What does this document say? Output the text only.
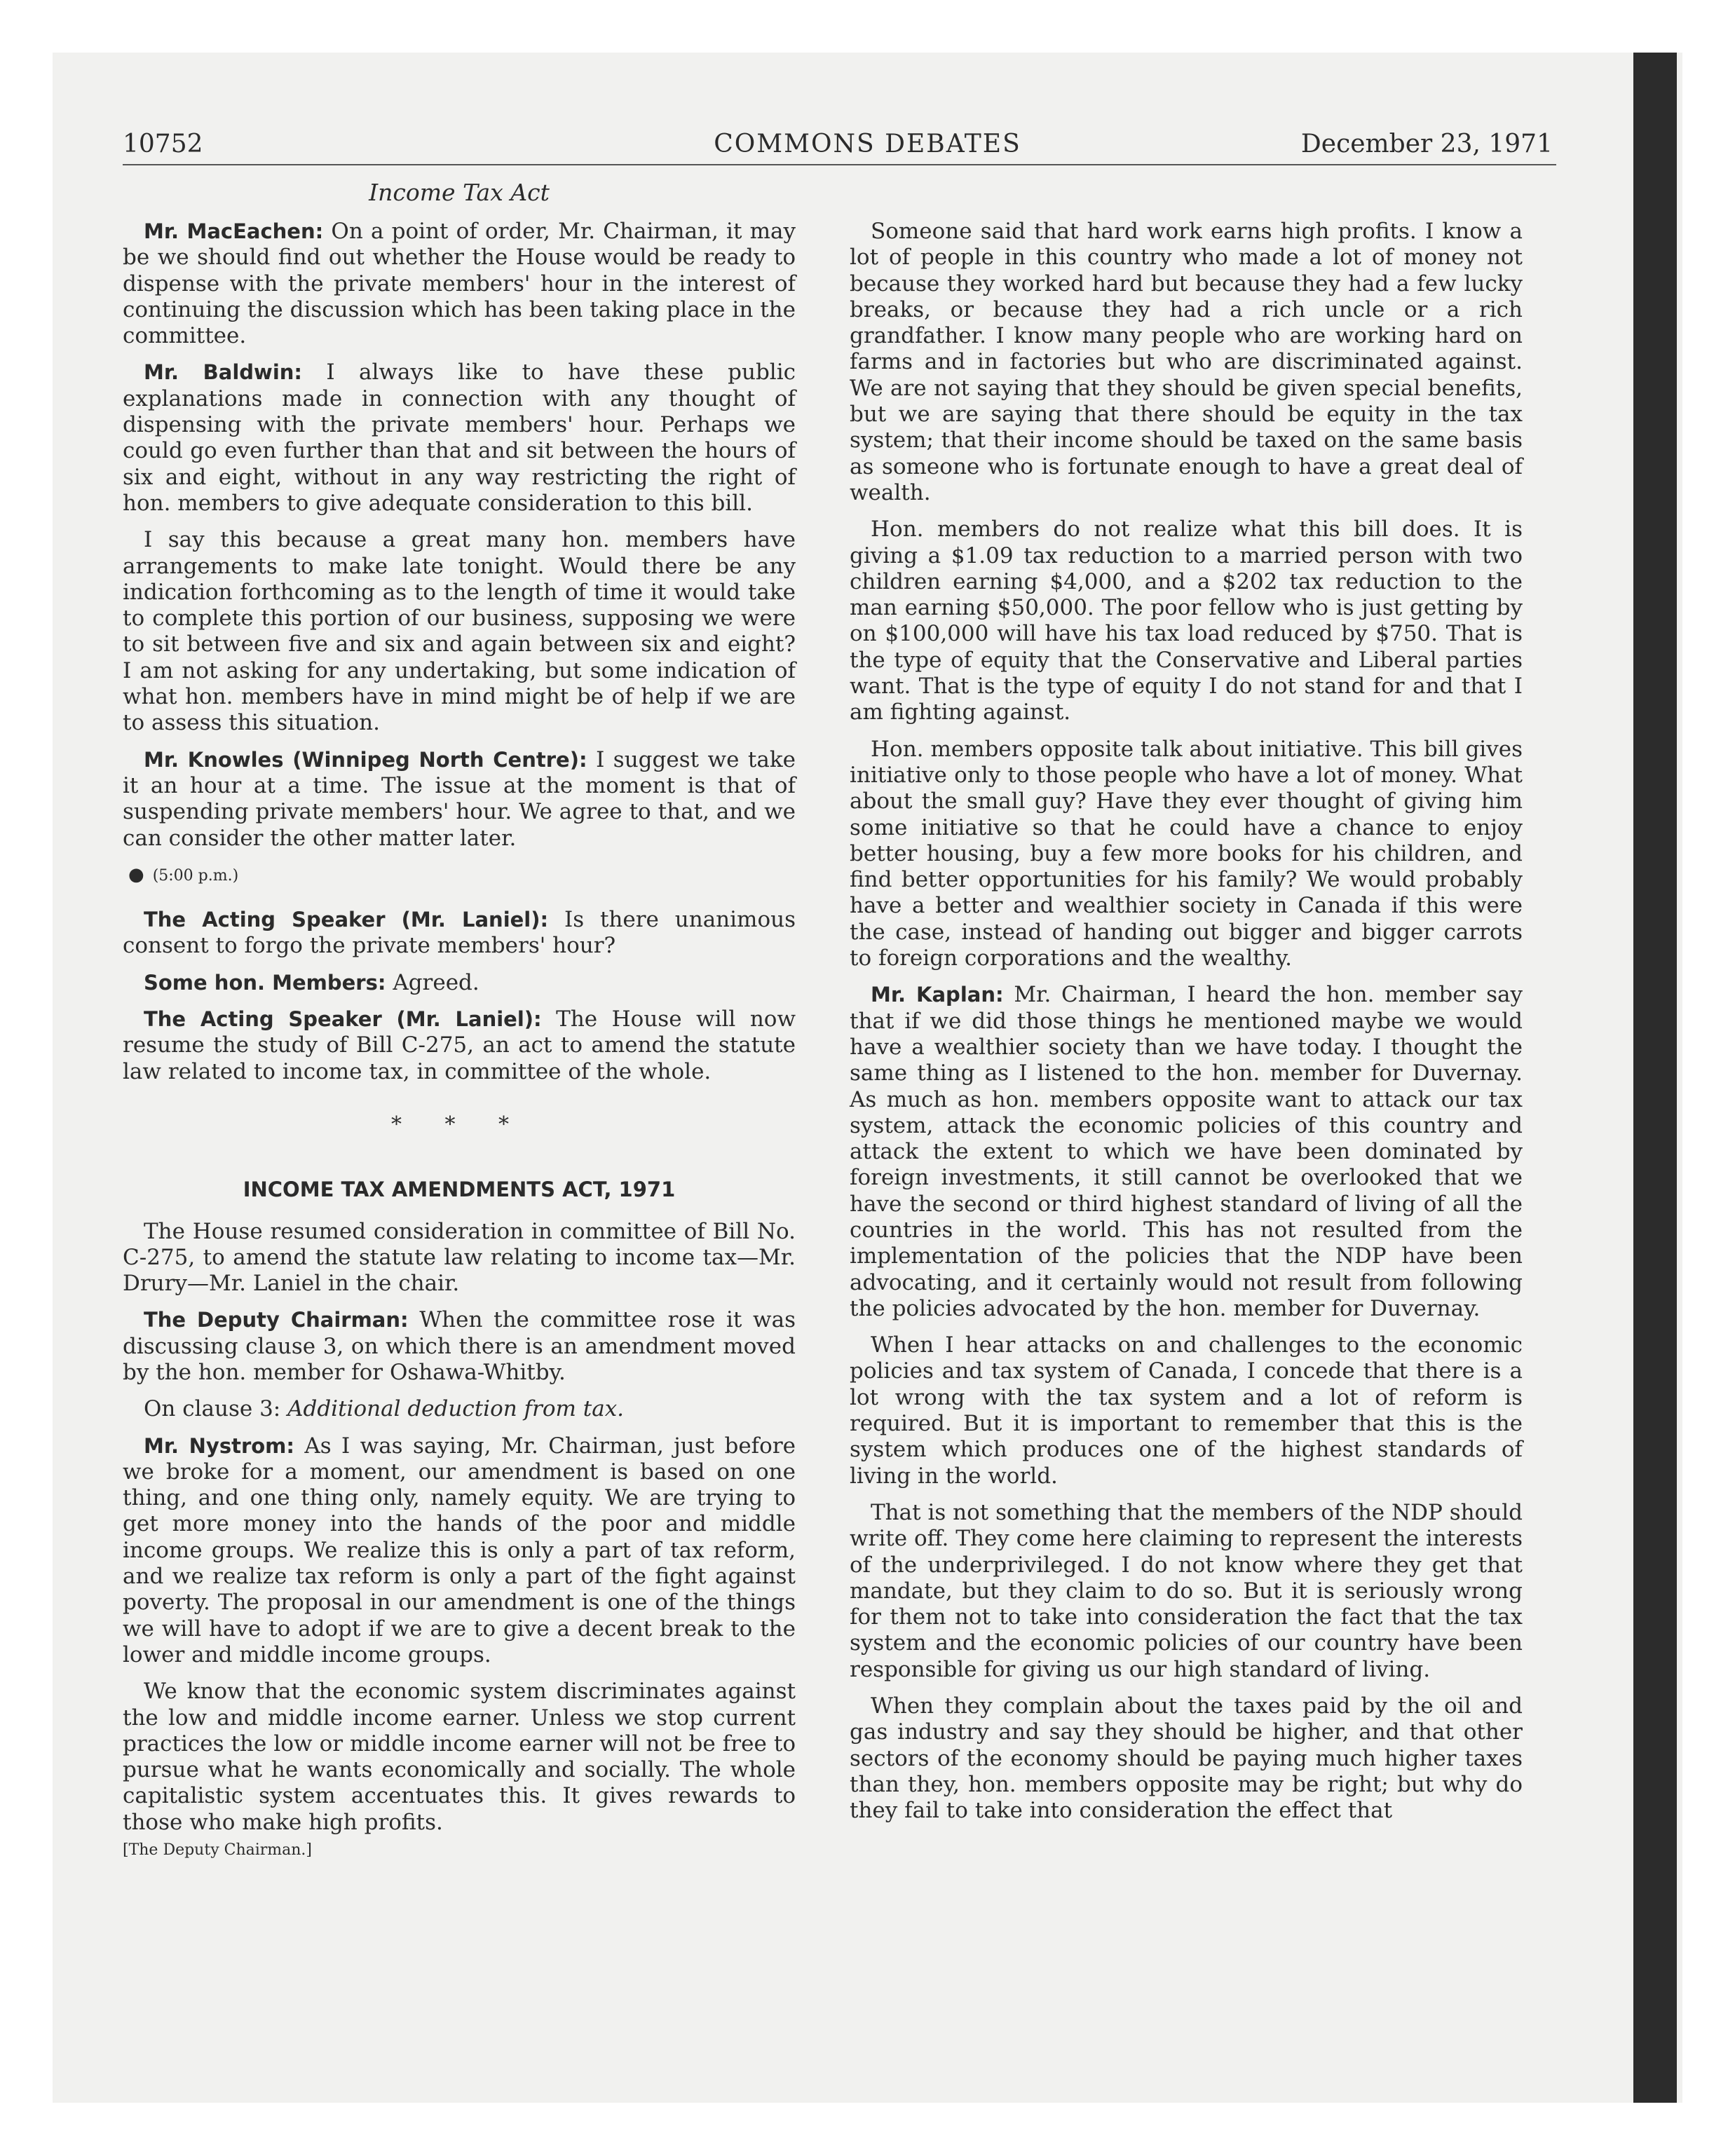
10752	COMMONS DEBATES	December 23, 1971
Income Tax Act

Mr. MacEachen: On a point of order, Mr. Chairman, it may be we should find out whether the House would be ready to dispense with the private members' hour in the interest of continuing the discussion which has been taking place in the committee.

Mr. Baldwin: I always like to have these public explanations made in connection with any thought of dispensing with the private members' hour. Perhaps we could go even further than that and sit between the hours of six and eight, without in any way restricting the right of hon. members to give adequate consideration to this bill.

I say this because a great many hon. members have arrangements to make late tonight. Would there be any indication forthcoming as to the length of time it would take to complete this portion of our business, supposing we were to sit between five and six and again between six and eight? I am not asking for any undertaking, but some indication of what hon. members have in mind might be of help if we are to assess this situation.

Mr. Knowles (Winnipeg North Centre): I suggest we take it an hour at a time. The issue at the moment is that of suspending private members' hour. We agree to that, and we can consider the other matter later.

● (5:00 p.m.)

The Acting Speaker (Mr. Laniel): Is there unanimous consent to forgo the private members' hour?

Some hon. Members: Agreed.

The Acting Speaker (Mr. Laniel): The House will now resume the study of Bill C-275, an act to amend the statute law related to income tax, in committee of the whole.

* * *
INCOME TAX AMENDMENTS ACT, 1971

The House resumed consideration in committee of Bill No. C-275, to amend the statute law relating to income tax—Mr. Drury—Mr. Laniel in the chair.

The Deputy Chairman: When the committee rose it was discussing clause 3, on which there is an amendment moved by the hon. member for Oshawa-Whitby.

On clause 3: Additional deduction from tax.

Mr. Nystrom: As I was saying, Mr. Chairman, just before we broke for a moment, our amendment is based on one thing, and one thing only, namely equity. We are trying to get more money into the hands of the poor and middle income groups. We realize this is only a part of tax reform, and we realize tax reform is only a part of the fight against poverty. The proposal in our amendment is one of the things we will have to adopt if we are to give a decent break to the lower and middle income groups.

We know that the economic system discriminates against the low and middle income earner. Unless we stop current practices the low or middle income earner will not be free to pursue what he wants economically and socially. The whole capitalistic system accentuates this. It gives rewards to those who make high profits.

[The Deputy Chairman.]

Someone said that hard work earns high profits. I know a lot of people in this country who made a lot of money not because they worked hard but because they had a few lucky breaks, or because they had a rich uncle or a rich grandfather. I know many people who are working hard on farms and in factories but who are discriminated against. We are not saying that they should be given special benefits, but we are saying that there should be equity in the tax system; that their income should be taxed on the same basis as someone who is fortunate enough to have a great deal of wealth.

Hon. members do not realize what this bill does. It is giving a $1.09 tax reduction to a married person with two children earning $4,000, and a $202 tax reduction to the man earning $50,000. The poor fellow who is just getting by on $100,000 will have his tax load reduced by $750. That is the type of equity that the Conservative and Liberal parties want. That is the type of equity I do not stand for and that I am fighting against.

Hon. members opposite talk about initiative. This bill gives initiative only to those people who have a lot of money. What about the small guy? Have they ever thought of giving him some initiative so that he could have a chance to enjoy better housing, buy a few more books for his children, and find better opportunities for his family? We would probably have a better and wealthier society in Canada if this were the case, instead of handing out bigger and bigger carrots to foreign corporations and the wealthy.

Mr. Kaplan: Mr. Chairman, I heard the hon. member say that if we did those things he mentioned maybe we would have a wealthier society than we have today. I thought the same thing as I listened to the hon. member for Duvernay. As much as hon. members opposite want to attack our tax system, attack the economic policies of this country and attack the extent to which we have been dominated by foreign investments, it still cannot be overlooked that we have the second or third highest standard of living of all the countries in the world. This has not resulted from the implementation of the policies that the NDP have been advocating, and it certainly would not result from following the policies advocated by the hon. member for Duvernay.

When I hear attacks on and challenges to the economic policies and tax system of Canada, I concede that there is a lot wrong with the tax system and a lot of reform is required. But it is important to remember that this is the system which produces one of the highest standards of living in the world.

That is not something that the members of the NDP should write off. They come here claiming to represent the interests of the underprivileged. I do not know where they get that mandate, but they claim to do so. But it is seriously wrong for them not to take into consideration the fact that the tax system and the economic policies of our country have been responsible for giving us our high standard of living.

When they complain about the taxes paid by the oil and gas industry and say they should be higher, and that other sectors of the economy should be paying much higher taxes than they, hon. members opposite may be right; but why do they fail to take into consideration the effect that
